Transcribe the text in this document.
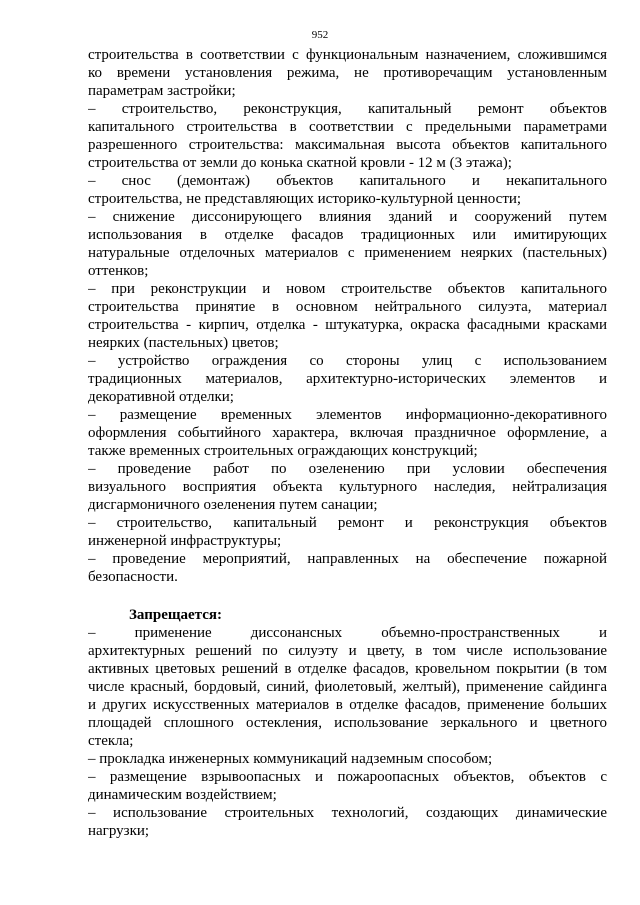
952
строительства в соответствии с функциональным назначением, сложившимся
ко времени установления режима, не противоречащим установленным
параметрам застройки;
– строительство, реконструкция, капитальный ремонт объектов
капитального строительства в соответствии с предельными параметрами
разрешенного строительства: максимальная высота объектов капитального
строительства от земли до конька скатной кровли - 12 м (3 этажа);
– снос (демонтаж) объектов капитального и некапитального
строительства, не представляющих историко-культурной ценности;
– снижение диссонирующего влияния зданий и сооружений путем
использования в отделке фасадов традиционных или имитирующих
натуральные отделочных материалов с применением неярких (пастельных)
оттенков;
– при реконструкции и новом строительстве объектов капитального
строительства принятие в основном нейтрального силуэта, материал
строительства - кирпич, отделка - штукатурка, окраска фасадными красками
неярких (пастельных) цветов;
– устройство ограждения со стороны улиц с использованием
традиционных материалов, архитектурно-исторических элементов и
декоративной отделки;
– размещение временных элементов информационно-декоративного
оформления событийного характера, включая праздничное оформление, а
также временных строительных ограждающих конструкций;
– проведение работ по озеленению при условии обеспечения
визуального восприятия объекта культурного наследия, нейтрализация
дисгармоничного озеленения путем санации;
– строительство, капитальный ремонт и реконструкция объектов
инженерной инфраструктуры;
– проведение мероприятий, направленных на обеспечение пожарной
безопасности.
Запрещается:
– применение диссонансных объемно-пространственных и
архитектурных решений по силуэту и цвету, в том числе использование
активных цветовых решений в отделке фасадов, кровельном покрытии (в том
числе красный, бордовый, синий, фиолетовый, желтый), применение сайдинга
и других искусственных материалов в отделке фасадов, применение больших
площадей сплошного остекления, использование зеркального и цветного
стекла;
– прокладка инженерных коммуникаций надземным способом;
– размещение взрывоопасных и пожароопасных объектов, объектов с
динамическим воздействием;
– использование строительных технологий, создающих динамические
нагрузки;
